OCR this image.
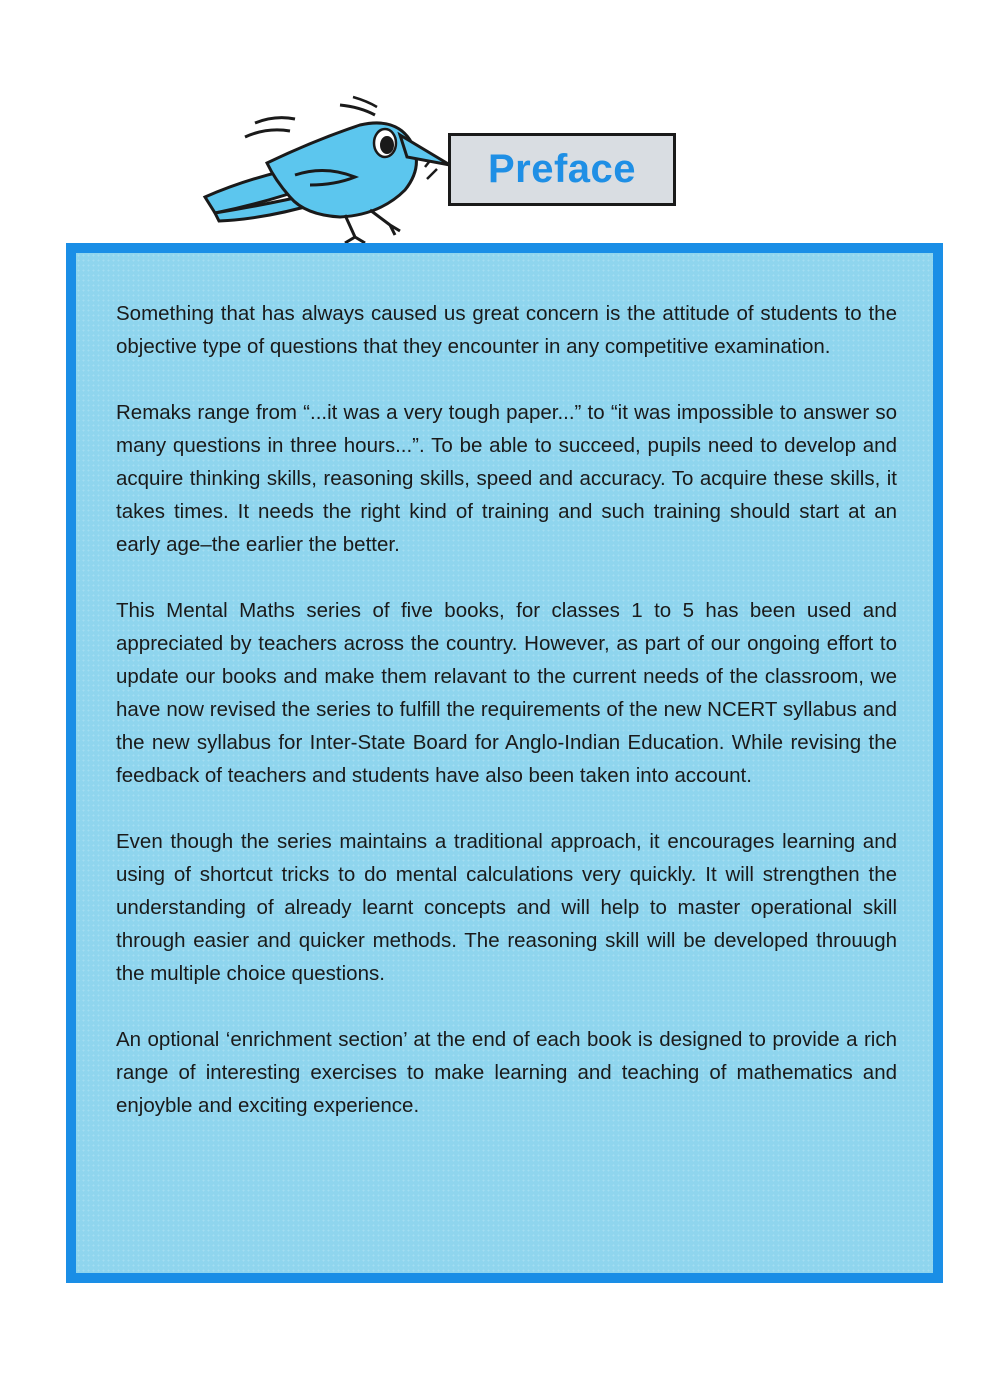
Preface

Something that has always caused us great concern is the attitude of students to the objective type of questions that they encounter in any competitive examination.

Remaks range from “...it was a very tough paper...” to “it was impossible to answer so many questions in three hours...”. To be able to succeed, pupils need to develop and acquire thinking skills, reasoning skills, speed and accuracy. To acquire these skills, it takes times. It needs the right kind of training and such training should start at an early age–the earlier the better.

This Mental Maths series of five books, for classes 1 to 5 has been used and appreciated by teachers across the country. However, as part of our ongoing effort to update our books and make them relavant to the current needs of the classroom, we have now revised the series to fulfill the requirements of the new NCERT syllabus and the new syllabus for Inter-State Board for Anglo-Indian Education. While revising the feedback of teachers and students have also been taken into account.

Even though the series maintains a traditional approach, it encourages learning and using of shortcut tricks to do mental calculations very quickly. It will strengthen the understanding of already learnt concepts and will help to master operational skill through easier and quicker methods. The reasoning skill will be developed throuugh the multiple choice questions.

An optional ‘enrichment section’ at the end of each book is designed to provide a rich range of interesting exercises to make learning and teaching of mathematics and enjoyble and exciting experience.
